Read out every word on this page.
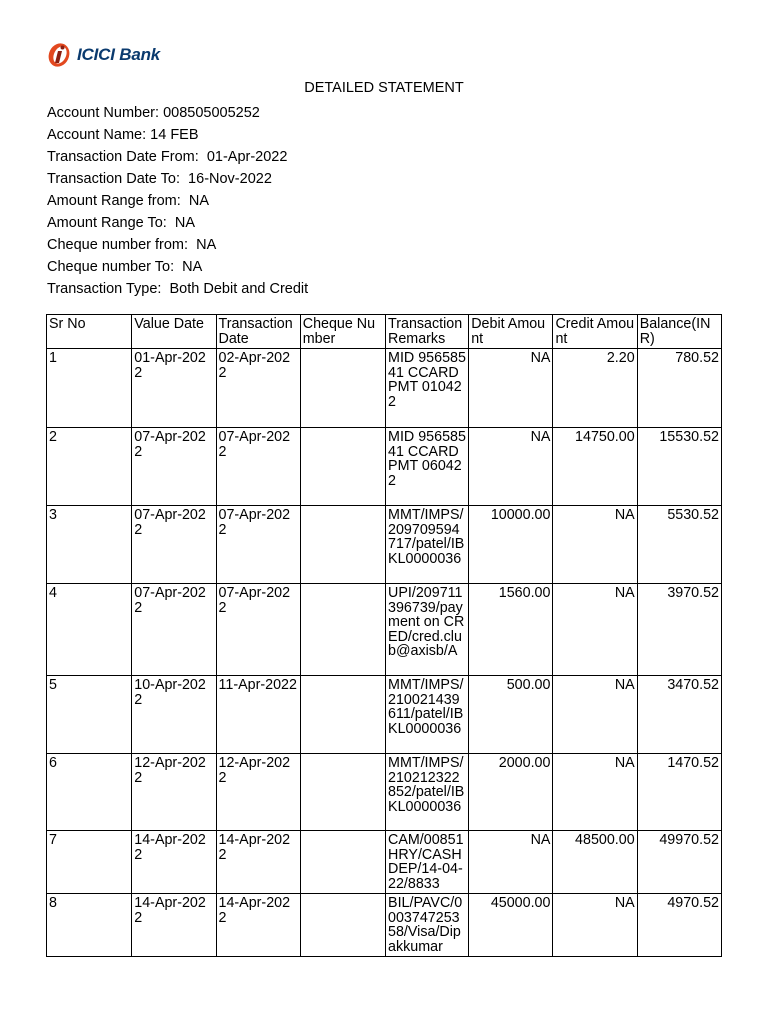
ICICI Bank
DETAILED STATEMENT
Account Number: 008505005252
Account Name: 14 FEB
Transaction Date From:  01-Apr-2022
Transaction Date To:  16-Nov-2022
Amount Range from:  NA
Amount Range To:  NA
Cheque number from:  NA
Cheque number To:  NA
Transaction Type:  Both Debit and Credit
Sr No	Value Date	Transaction Date	Cheque Number	Transaction Remarks	Debit Amount	Credit Amount	Balance(INR)
1	01-Apr-2022	02-Apr-2022		MID 95658541 CCARD PMT 010422	NA	2.20	780.52
2	07-Apr-2022	07-Apr-2022		MID 95658541 CCARD PMT 060422	NA	14750.00	15530.52
3	07-Apr-2022	07-Apr-2022		MMT/IMPS/209709594717/patel/IBKL0000036	10000.00	NA	5530.52
4	07-Apr-2022	07-Apr-2022		UPI/209711396739/payment on CRED/cred.club@axisb/A	1560.00	NA	3970.52
5	10-Apr-2022	11-Apr-2022		MMT/IMPS/210021439611/patel/IBKL0000036	500.00	NA	3470.52
6	12-Apr-2022	12-Apr-2022		MMT/IMPS/210212322852/patel/IBKL0000036	2000.00	NA	1470.52
7	14-Apr-2022	14-Apr-2022		CAM/00851HRY/CASH DEP/14-04-22/8833	NA	48500.00	49970.52
8	14-Apr-2022	14-Apr-2022		BIL/PAVC/000374725358/Visa/Dipakkumar	45000.00	NA	4970.52
